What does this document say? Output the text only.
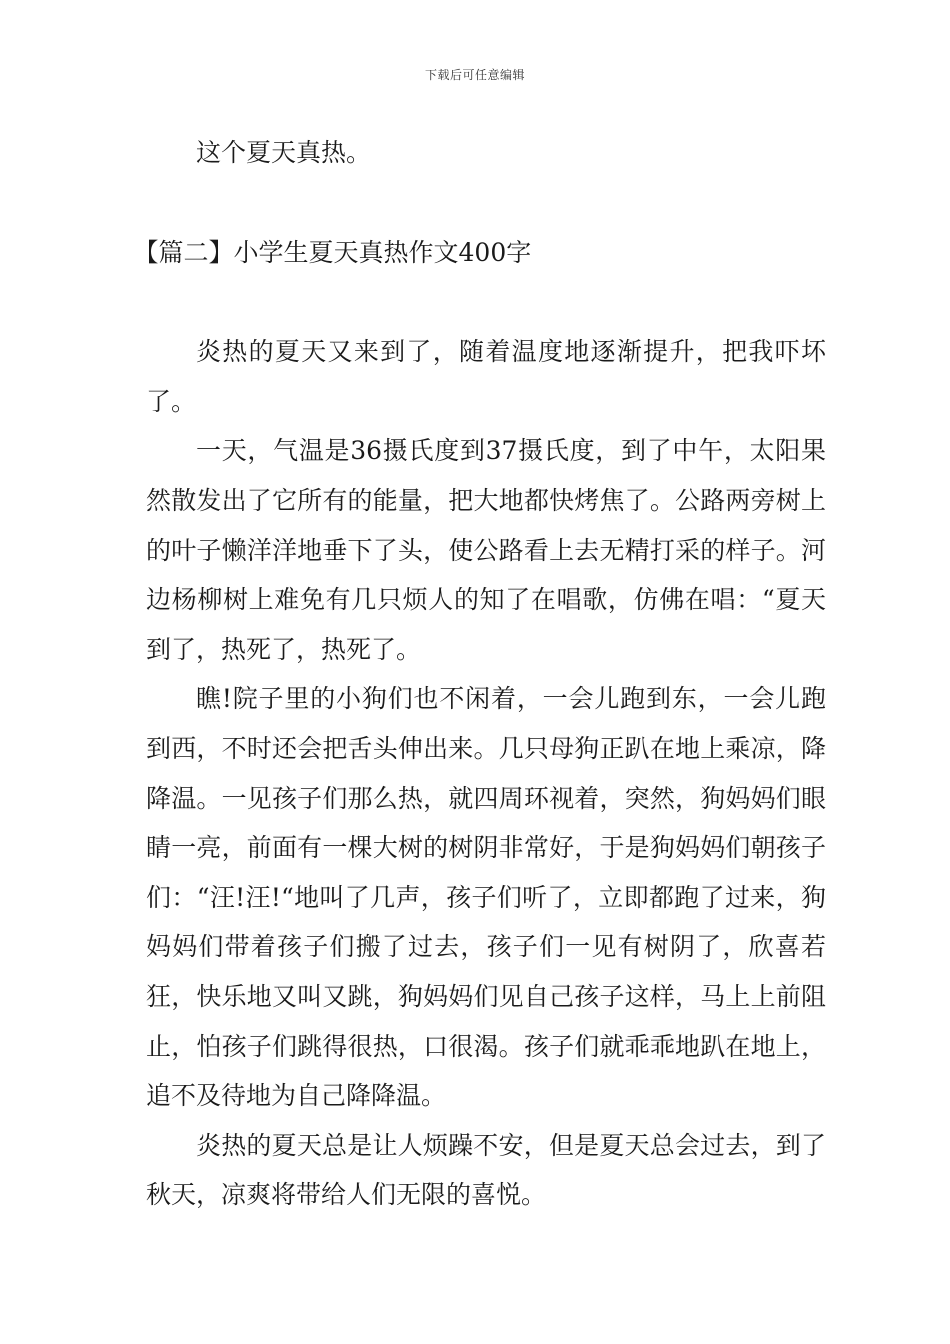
下载后可任意编辑

这个夏天真热。

【篇二】小学生夏天真热作文400字

炎热的夏天又来到了，随着温度地逐渐提升，把我吓坏了。

一天，气温是36摄氏度到37摄氏度，到了中午，太阳果然散发出了它所有的能量，把大地都快烤焦了。公路两旁树上的叶子懒洋洋地垂下了头，使公路看上去无精打采的样子。河边杨柳树上难免有几只烦人的知了在唱歌，仿佛在唱：“夏天到了，热死了，热死了。

瞧!院子里的小狗们也不闲着，一会儿跑到东，一会儿跑到西，不时还会把舌头伸出来。几只母狗正趴在地上乘凉，降降温。一见孩子们那么热，就四周环视着，突然，狗妈妈们眼睛一亮，前面有一棵大树的树阴非常好，于是狗妈妈们朝孩子们：“汪!汪!“地叫了几声，孩子们听了，立即都跑了过来，狗妈妈们带着孩子们搬了过去，孩子们一见有树阴了，欣喜若狂，快乐地又叫又跳，狗妈妈们见自己孩子这样，马上上前阻止，怕孩子们跳得很热，口很渴。孩子们就乖乖地趴在地上，追不及待地为自己降降温。

炎热的夏天总是让人烦躁不安，但是夏天总会过去，到了秋天，凉爽将带给人们无限的喜悦。
